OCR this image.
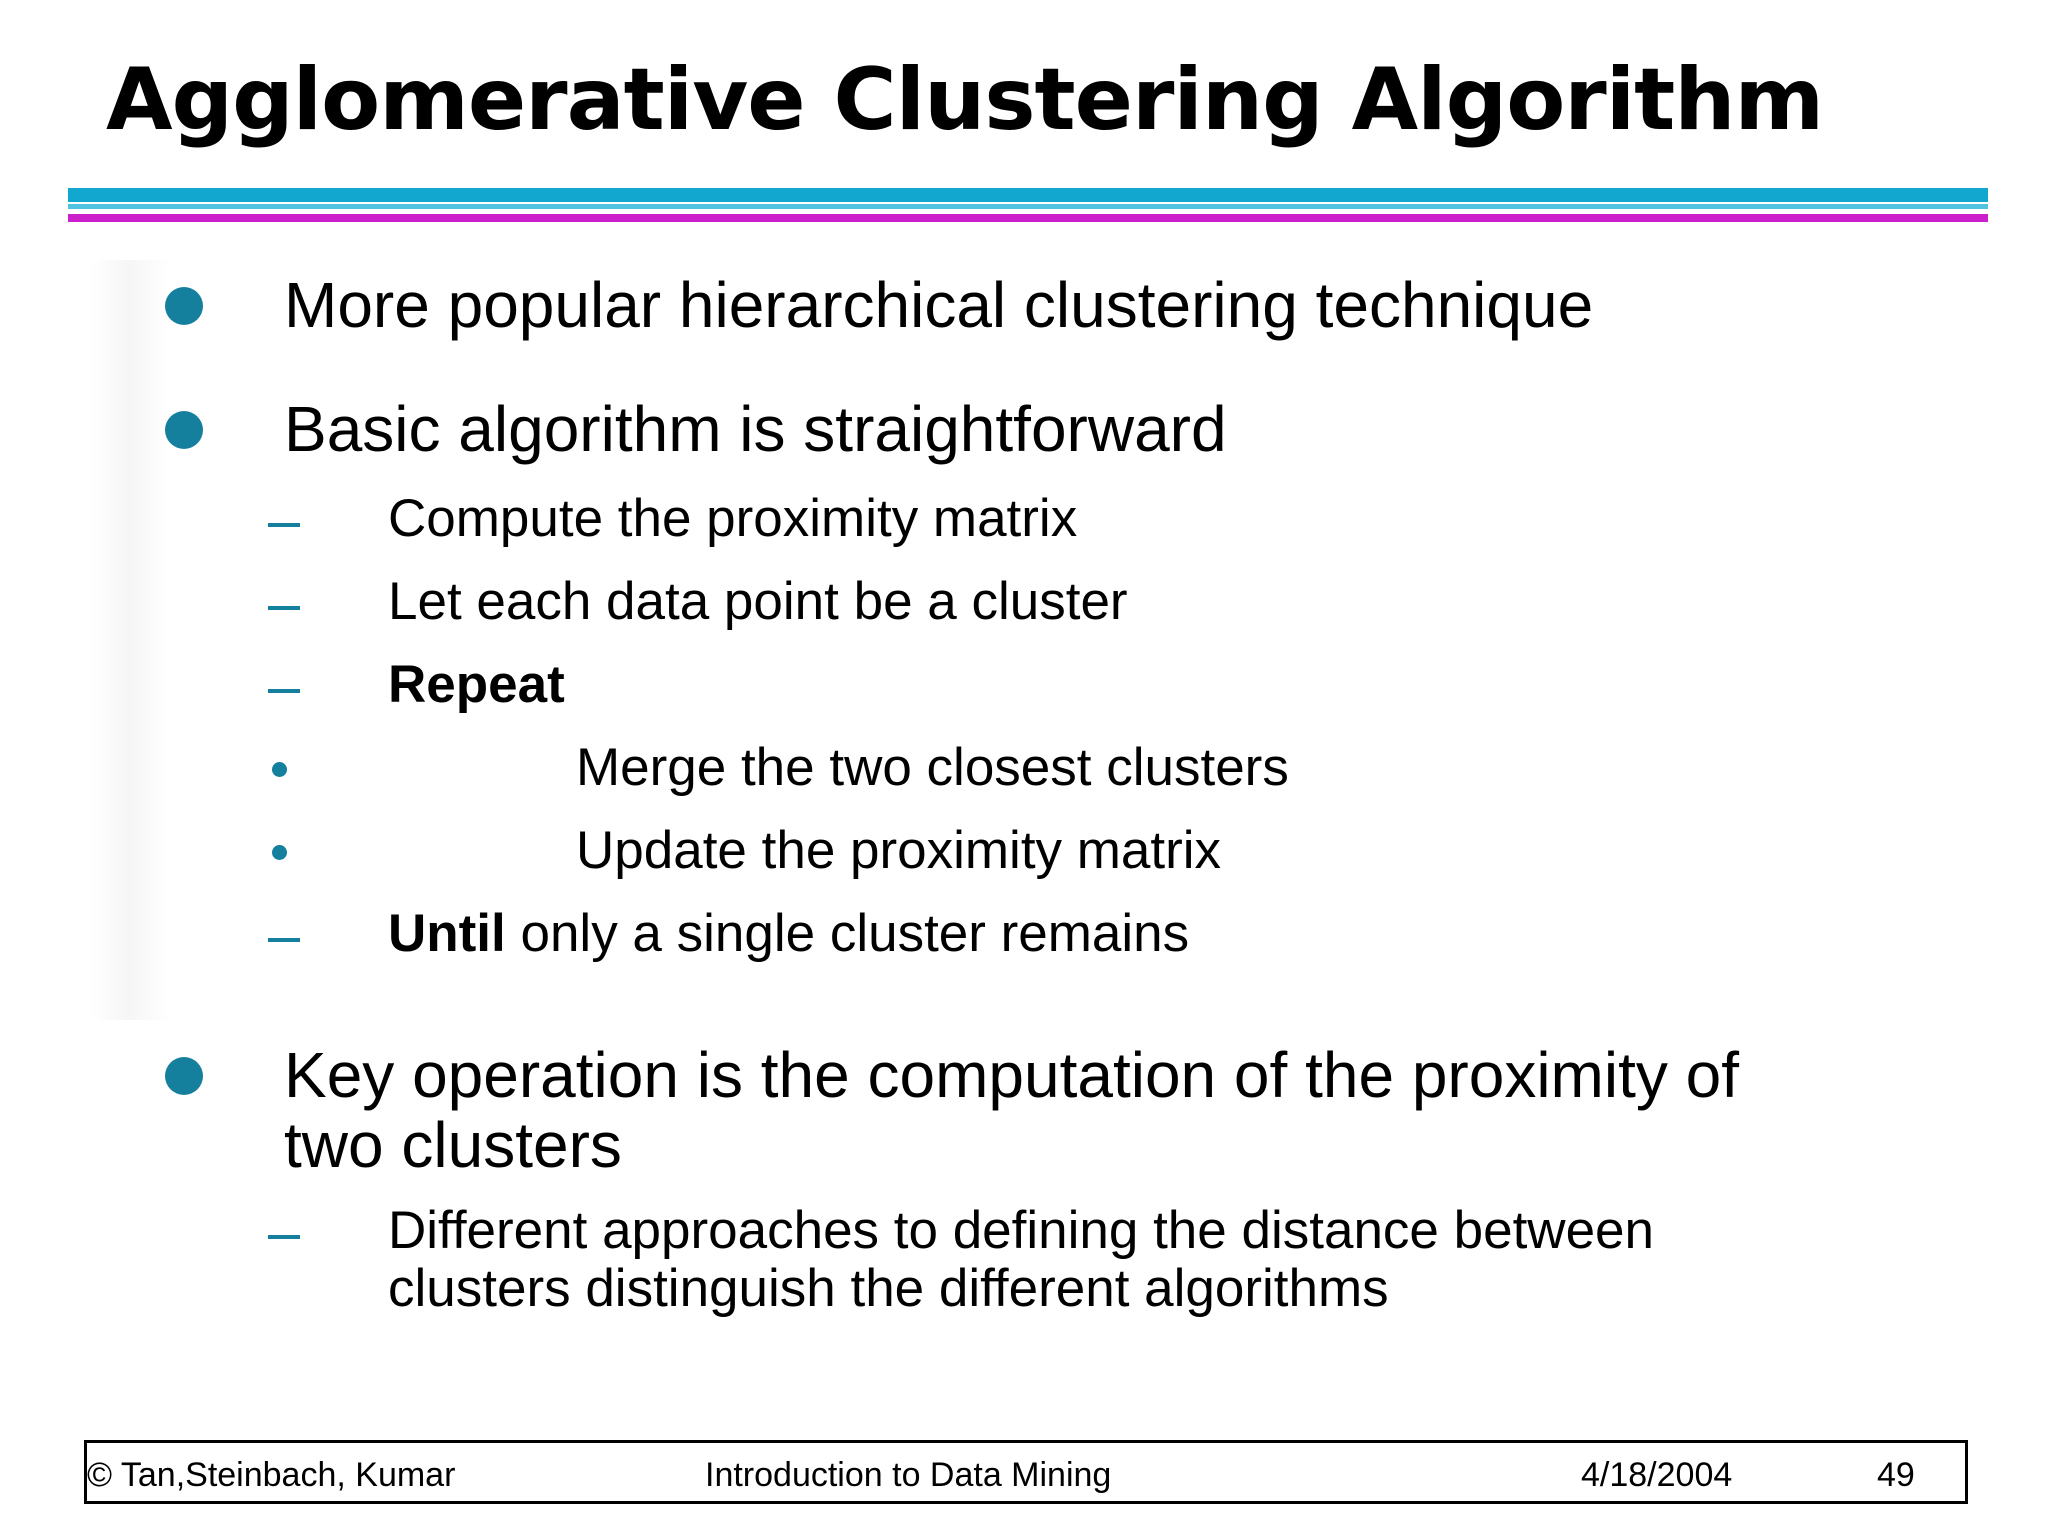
Agglomerative Clustering Algorithm
More popular hierarchical clustering technique
Basic algorithm is straightforward
Compute the proximity matrix
Let each data point be a cluster
Repeat
Merge the two closest clusters
Update the proximity matrix
Until only a single cluster remains
Key operation is the computation of the proximity of
two clusters
Different approaches to defining the distance between
clusters distinguish the different algorithms
© Tan,Steinbach, Kumar	Introduction to Data Mining	4/18/2004	49
